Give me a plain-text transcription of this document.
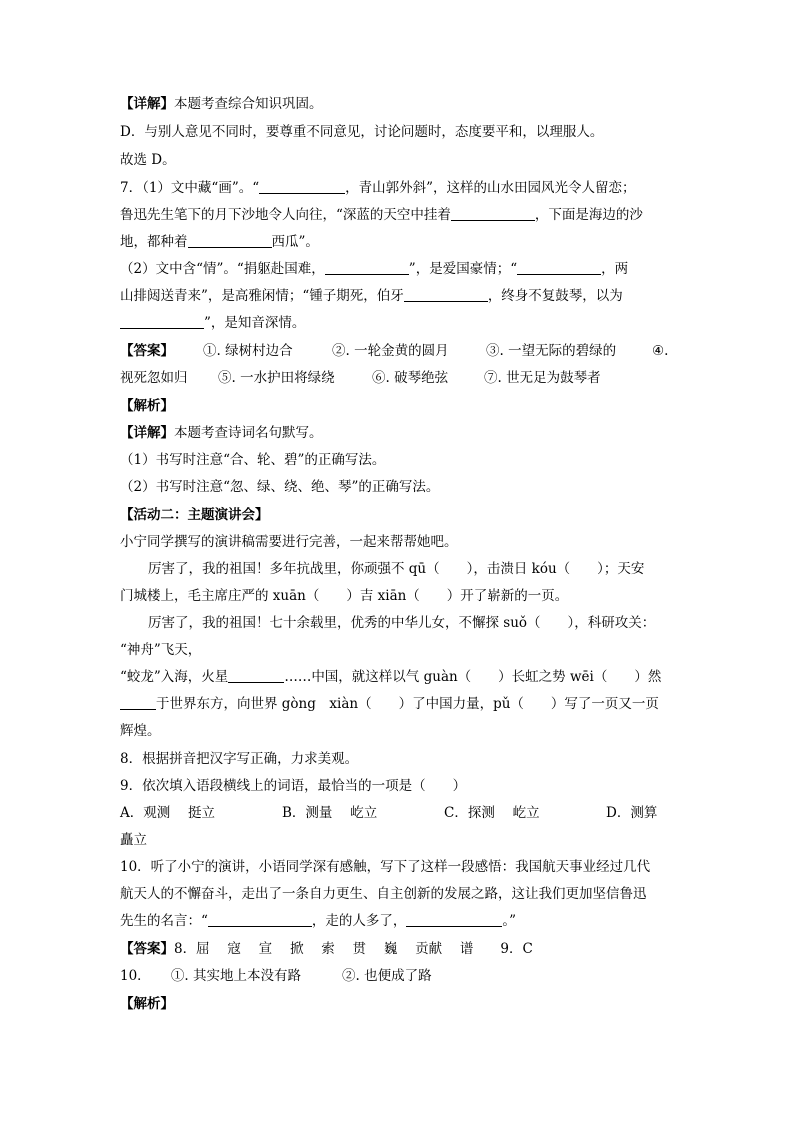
【详解】本题考查综合知识巩固。
D．与别人意见不同时，要尊重不同意见，讨论问题时，态度要平和，以理服人。
故选 D。
7．（1）文中藏“画”。“	，青山郭外斜”，这样的山水田园风光令人留恋；
鲁迅先生笔下的月下沙地令人向往，“深蓝的天空中挂着	，下面是海边的沙
地，都种着	西瓜”。
（2）文中含“情”。“捐躯赴国难，	”，是爱国豪情；“	，两
山排闼送青来”，是高雅闲情；“锺子期死，伯牙	，终身不复鼓琴，以为
”，是知音深情。
【答案】 ①. 绿树村边合	②. 一轮金黄的圆月	③. 一望无际的碧绿的	④.
视死忽如归 ⑤. 一水护田将绿绕	⑥. 破琴绝弦	⑦. 世无足为鼓琴者
【解析】
【详解】本题考查诗词名句默写。
（1）书写时注意“合、轮、碧”的正确写法。
（2）书写时注意“忽、绿、绕、绝、琴”的正确写法。
【活动二：主题演讲会】
小宁同学撰写的演讲稿需要进行完善，一起来帮帮她吧。
厉害了，我的祖国！多年抗战里，你顽强不 qū（　　），击溃日 kóu（　　）；天安
门城楼上，毛主席庄严的 xuān（　　）吉 xiān（　　）开了崭新的一页。
厉害了，我的祖国！七十余载里，优秀的中华儿女，不懈探 suǒ（　　），科研攻关：
“神舟”飞天，
“蛟龙”入海，火星	……中国，就这样以气 guàn（　　）长虹之势 wēi（　　）然
于世界东方，向世界 gòng　xiàn（　　）了中国力量，pǔ（　　）写了一页又一页
辉煌。
8．根据拼音把汉字写正确，力求美观。
9．依次填入语段横线上的词语，最恰当的一项是（　　）
A．观测　 挺立	B．测量　 屹立	C．探测　 屹立	D．测算
矗立
10．听了小宁的演讲，小语同学深有感触，写下了这样一段感悟：我国航天事业经过几代
航天人的不懈奋斗，走出了一条自力更生、自主创新的发展之路，这让我们更加坚信鲁迅
先生的名言：“	，走的人多了，	。”
【答案】8．屈　 寇　 宣　 掀　 索　 贯　 巍　 贡献　 谱　　9．C
10．　　①. 其实地上本没有路	②. 也便成了路
【解析】
